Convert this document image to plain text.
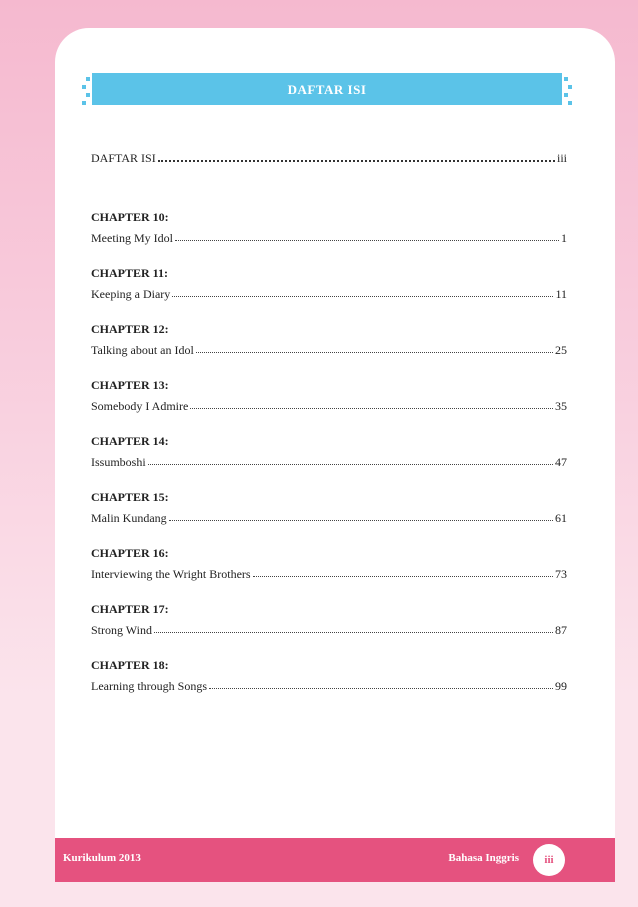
DAFTAR ISI
DAFTAR ISI	iii
CHAPTER 10:
Meeting My Idol	1
CHAPTER 11:
Keeping a Diary	11
CHAPTER 12:
Talking about an Idol	25
CHAPTER 13:
Somebody I Admire	35
CHAPTER 14:
Issumboshi	47
CHAPTER 15:
Malin Kundang	61
CHAPTER 16:
Interviewing the Wright Brothers	73
CHAPTER 17:
Strong Wind	87
CHAPTER 18:
Learning through Songs	99
Kurikulum 2013	Bahasa Inggris	iii
